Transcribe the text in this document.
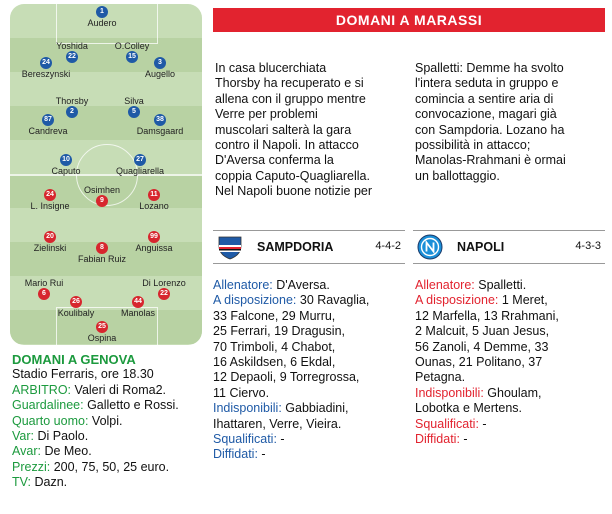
1
Audero
Yoshida
22
O.Colley
15
24
Bereszynski
3
Augello
Thorsby
2
Silva
5
87
Candreva
38
Damsgaard
10
Caputo
27
Quagliarella
Osimhen
9
24
L. Insigne
11
Lozano
20
Zielinski	8
Fabian Ruiz
99
Anguissa
Mario Rui
6
26
Koulibaly
44
Manolas
Di Lorenzo
22
25
Ospina
DOMANI A GENOVA
Stadio Ferraris, ore 18.30
ARBITRO: Valeri di Roma2.
Guardalinee: Galletto e Rossi.
Quarto uomo: Volpi.
Var: Di Paolo.
Avar: De Meo.
Prezzi: 200, 75, 50, 25 euro.
TV: Dazn.
DOMANI A MARASSI
In casa blucerchiata
Thorsby ha recuperato e si
allena con il gruppo mentre
Verre per problemi
muscolari salterà la gara
contro il Napoli. In attacco
D'Aversa conferma la
coppia Caputo-Quagliarella.
Nel Napoli buone notizie per
Spalletti: Demme ha svolto
l'intera seduta in gruppo e
comincia a sentire aria di
convocazione, magari già
con Sampdoria. Lozano ha
possibilità in attacco;
Manolas-Rrahmani è ormai
un ballottaggio.
SAMPDORIA	4-4-2	NAPOLI	4-3-3
Allenatore: D'Aversa.
A disposizione: 30 Ravaglia,
33 Falcone, 29 Murru,
25 Ferrari, 19 Dragusin,
70 Trimboli, 4 Chabot,
16 Askildsen, 6 Ekdal,
12 Depaoli, 9 Torregrossa,
11 Ciervo.
Indisponibili: Gabbiadini,
Ihattaren, Verre, Vieira.
Squalificati: -
Diffidati: -
Allenatore: Spalletti.
A disposizione: 1 Meret,
12 Marfella, 13 Rrahmani,
2 Malcuit, 5 Juan Jesus,
56 Zanoli, 4 Demme, 33
Ounas, 21 Politano, 37
Petagna.
Indisponibili: Ghoulam,
Lobotka e Mertens.
Squalificati: -
Diffidati: -
